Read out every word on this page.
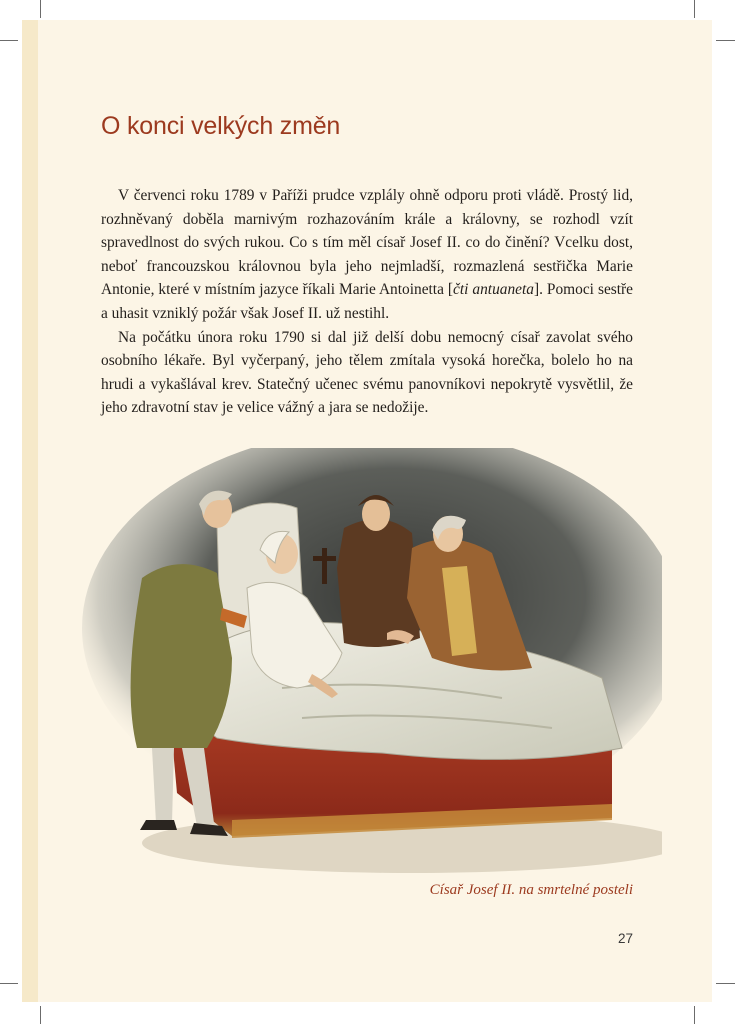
O konci velkých změn

V červenci roku 1789 v Paříži prudce vzplály ohně odporu proti vládě. Prostý lid, rozhněvaný doběla marnivým rozhazováním krále a královny, se rozhodl vzít spravedlnost do svých rukou. Co s tím měl císař Josef II. co do činění? Vcelku dost, neboť francouzskou královnou byla jeho nejmladší, rozmazlená sestřička Marie Antonie, které v místním jazyce říkali Marie Antoinetta [čti antuaneta]. Pomoci sestře a uhasit vzniklý požár však Josef II. už nestihl.

Na počátku února roku 1790 si dal již delší dobu nemocný císař zavolat svého osobního lékaře. Byl vyčerpaný, jeho tělem zmítala vysoká horečka, bolelo ho na hrudi a vykašlával krev. Statečný učenec svému panovníkovi nepokrytě vysvětlil, že jeho zdravotní stav je velice vážný a jara se nedožije.

Císař Josef II. na smrtelné posteli

27
